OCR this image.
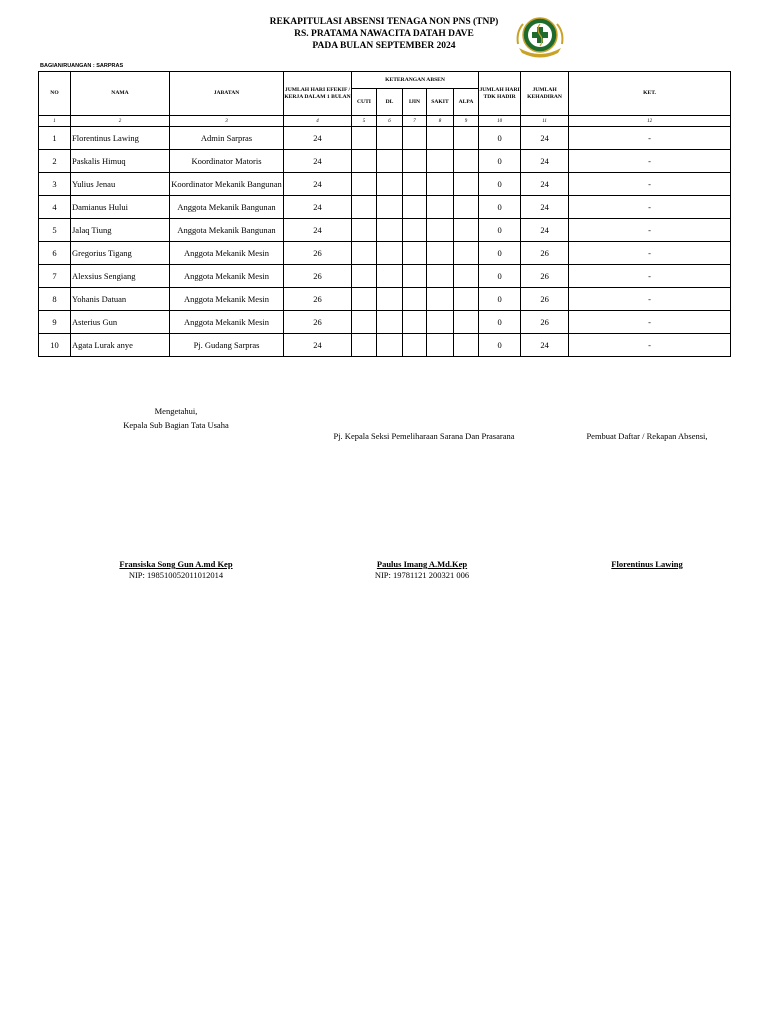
REKAPITULASI ABSENSI TENAGA NON PNS (TNP)
RS. PRATAMA NAWACITA DATAH DAVE
PADA BULAN SEPTEMBER 2024
BAGIAN/RUANGAN : SARPRAS
NO	NAMA	JABATAN	JUMLAH HARI EFEKIF / KERJA DALAM 1 BULAN	KETERANGAN ABSEN					JUMLAH HARI TDK HADIR	JUMLAH KEHADIRAN	KET.
				CUTI	DL	IJIN	SAKIT	ALPA			
1	2	3	4	5	6	7	8	9	10	11	12
1	Florentinus Lawing	Admin Sarpras	24						0	24	-
2	Paskalis Himuq	Koordinator Matoris	24						0	24	-
3	Yulius Jenau	Koordinator Mekanik Bangunan	24						0	24	-
4	Damianus Hului	Anggota Mekanik Bangunan	24						0	24	-
5	Jalaq Tiung	Anggota Mekanik Bangunan	24						0	24	-
6	Gregorius Tigang	Anggota Mekanik Mesin	26						0	26	-
7	Alexsius Sengiang	Anggota Mekanik Mesin	26						0	26	-
8	Yohanis Datuan	Anggota Mekanik Mesin	26						0	26	-
9	Asterius Gun	Anggota Mekanik Mesin	26						0	26	-
10	Agata Lurak anye	Pj. Gudang Sarpras	24						0	24	-
Mengetahui,
Kepala Sub Bagian Tata Usaha
Fransiska Song Gun A.md Kep
NIP: 198510052011012014
Pj. Kepala Seksi Pemeliharaan Sarana Dan Prasarana
Paulus Imang A.Md.Kep
NIP: 19781121 200321 006
Pembuat Daftar / Rekapan Absensi,
Florentinus Lawing
